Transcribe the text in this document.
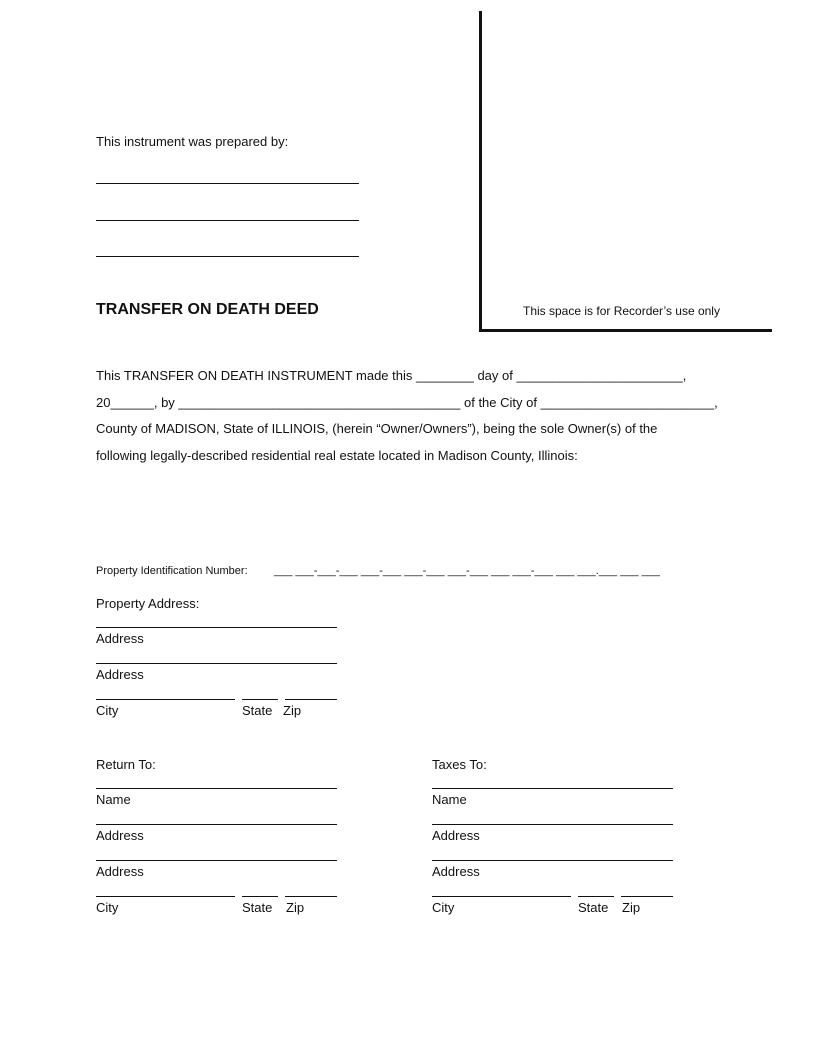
This space is for Recorder’s use only
This instrument was prepared by:
TRANSFER ON DEATH DEED
This TRANSFER ON DEATH INSTRUMENT made this ________ day of _______________________,
20______, by _______________________________________ of the City of ________________________,
County of MADISON, State of ILLINOIS, (herein “Owner/Owners”), being the sole Owner(s) of the
following legally-described residential real estate located in Madison County, Illinois:
Property Identification Number: ___ ___-___-___ ___-___ ___-___ ___-___ ___ ___-___ ___ ___.___ ___ ___
Property Address:
Address
Address
City	State Zip
Return To:
Name
Address
Address
City	State Zip
Taxes To:
Name
Address
Address
City	State Zip
